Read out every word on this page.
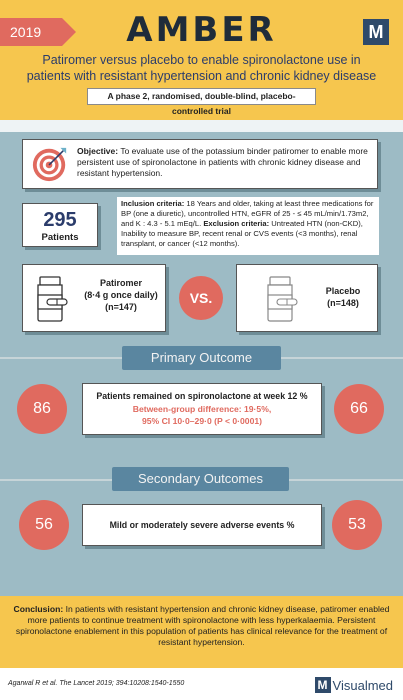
2019	AMBER	M
Patiromer versus placebo to enable spironolactone use in patients with resistant hypertension and chronic kidney disease
A phase 2, randomised, double-blind, placebo-controlled trial
Objective: To evaluate use of the potassium binder patiromer to enable more persistent use of spironolactone in patients with chronic kidney disease and resistant hypertension.
295
Patients
Inclusion criteria: 18 Years and older, taking at least three medications for BP (one a diuretic), uncontrolled HTN, eGFR of 25 - ≤ 45 mL/min/1.73m2, and K : 4.3 - 5.1 mEq/L. Exclusion criteria: Untreated HTN (non-CKD), Inability to measure BP, recent renal or CVS events (<3 months), renal transplant, or cancer (<12 months).
Patiromer
(8·4 g once daily)
(n=147)
VS.	Placebo
(n=148)
Primary Outcome
86	66
Patients remained on spironolactone at week 12 %
Between-group difference: 19·5%,
95% CI 10·0–29·0 (P < 0·0001)
Secondary Outcomes
56	53
Mild or moderately severe adverse events %
Conclusion: In patients with resistant hypertension and chronic kidney disease, patiromer enabled more patients to continue treatment with spironolactone with less hyperkalaemia. Persistent spironolactone enablement in this population of patients has clinical relevance for the treatment of resistant hypertension.
Agarwal R et al. The Lancet 2019; 394:10208:1540-1550	M Visualmed
